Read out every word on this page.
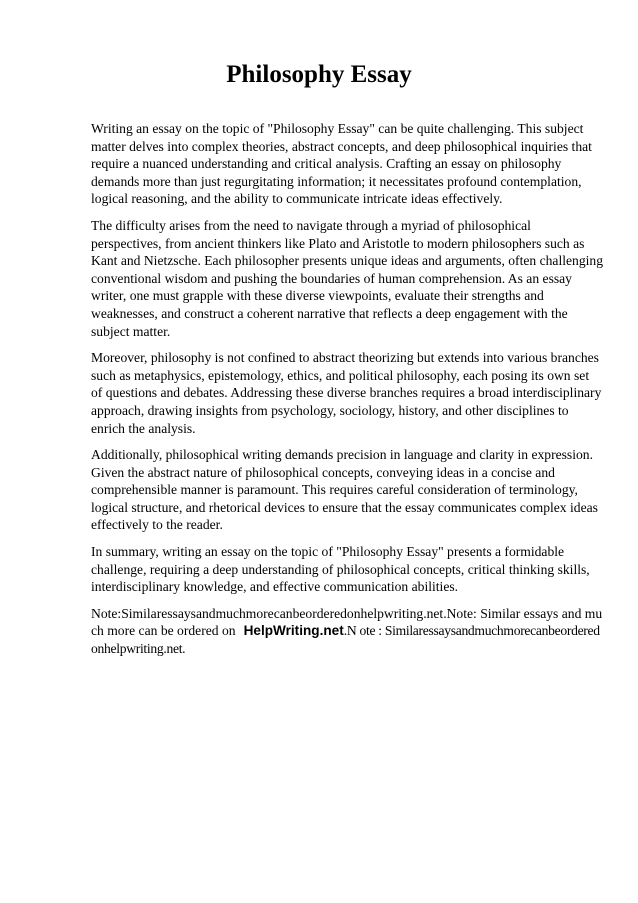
Philosophy Essay

Writing an essay on the topic of "Philosophy Essay" can be quite challenging. This subject matter delves into complex theories, abstract concepts, and deep philosophical inquiries that require a nuanced understanding and critical analysis. Crafting an essay on philosophy demands more than just regurgitating information; it necessitates profound contemplation, logical reasoning, and the ability to communicate intricate ideas effectively.

The difficulty arises from the need to navigate through a myriad of philosophical perspectives, from ancient thinkers like Plato and Aristotle to modern philosophers such as Kant and Nietzsche. Each philosopher presents unique ideas and arguments, often challenging conventional wisdom and pushing the boundaries of human comprehension. As an essay writer, one must grapple with these diverse viewpoints, evaluate their strengths and weaknesses, and construct a coherent narrative that reflects a deep engagement with the subject matter.

Moreover, philosophy is not confined to abstract theorizing but extends into various branches such as metaphysics, epistemology, ethics, and political philosophy, each posing its own set of questions and debates. Addressing these diverse branches requires a broad interdisciplinary approach, drawing insights from psychology, sociology, history, and other disciplines to enrich the analysis.

Additionally, philosophical writing demands precision in language and clarity in expression. Given the abstract nature of philosophical concepts, conveying ideas in a concise and comprehensible manner is paramount. This requires careful consideration of terminology, logical structure, and rhetorical devices to ensure that the essay communicates complex ideas effectively to the reader.

In summary, writing an essay on the topic of "Philosophy Essay" presents a formidable challenge, requiring a deep understanding of philosophical concepts, critical thinking skills, interdisciplinary knowledge, and effective communication abilities.

Note:Similaressaysandmuchmorecanbeorderedonhelpwriting.net.Note: Similar essays and much more can be ordered on HelpWriting.net.N ote : Similaressaysandmuchmorecanbeorderedonhelpwriting.net.
